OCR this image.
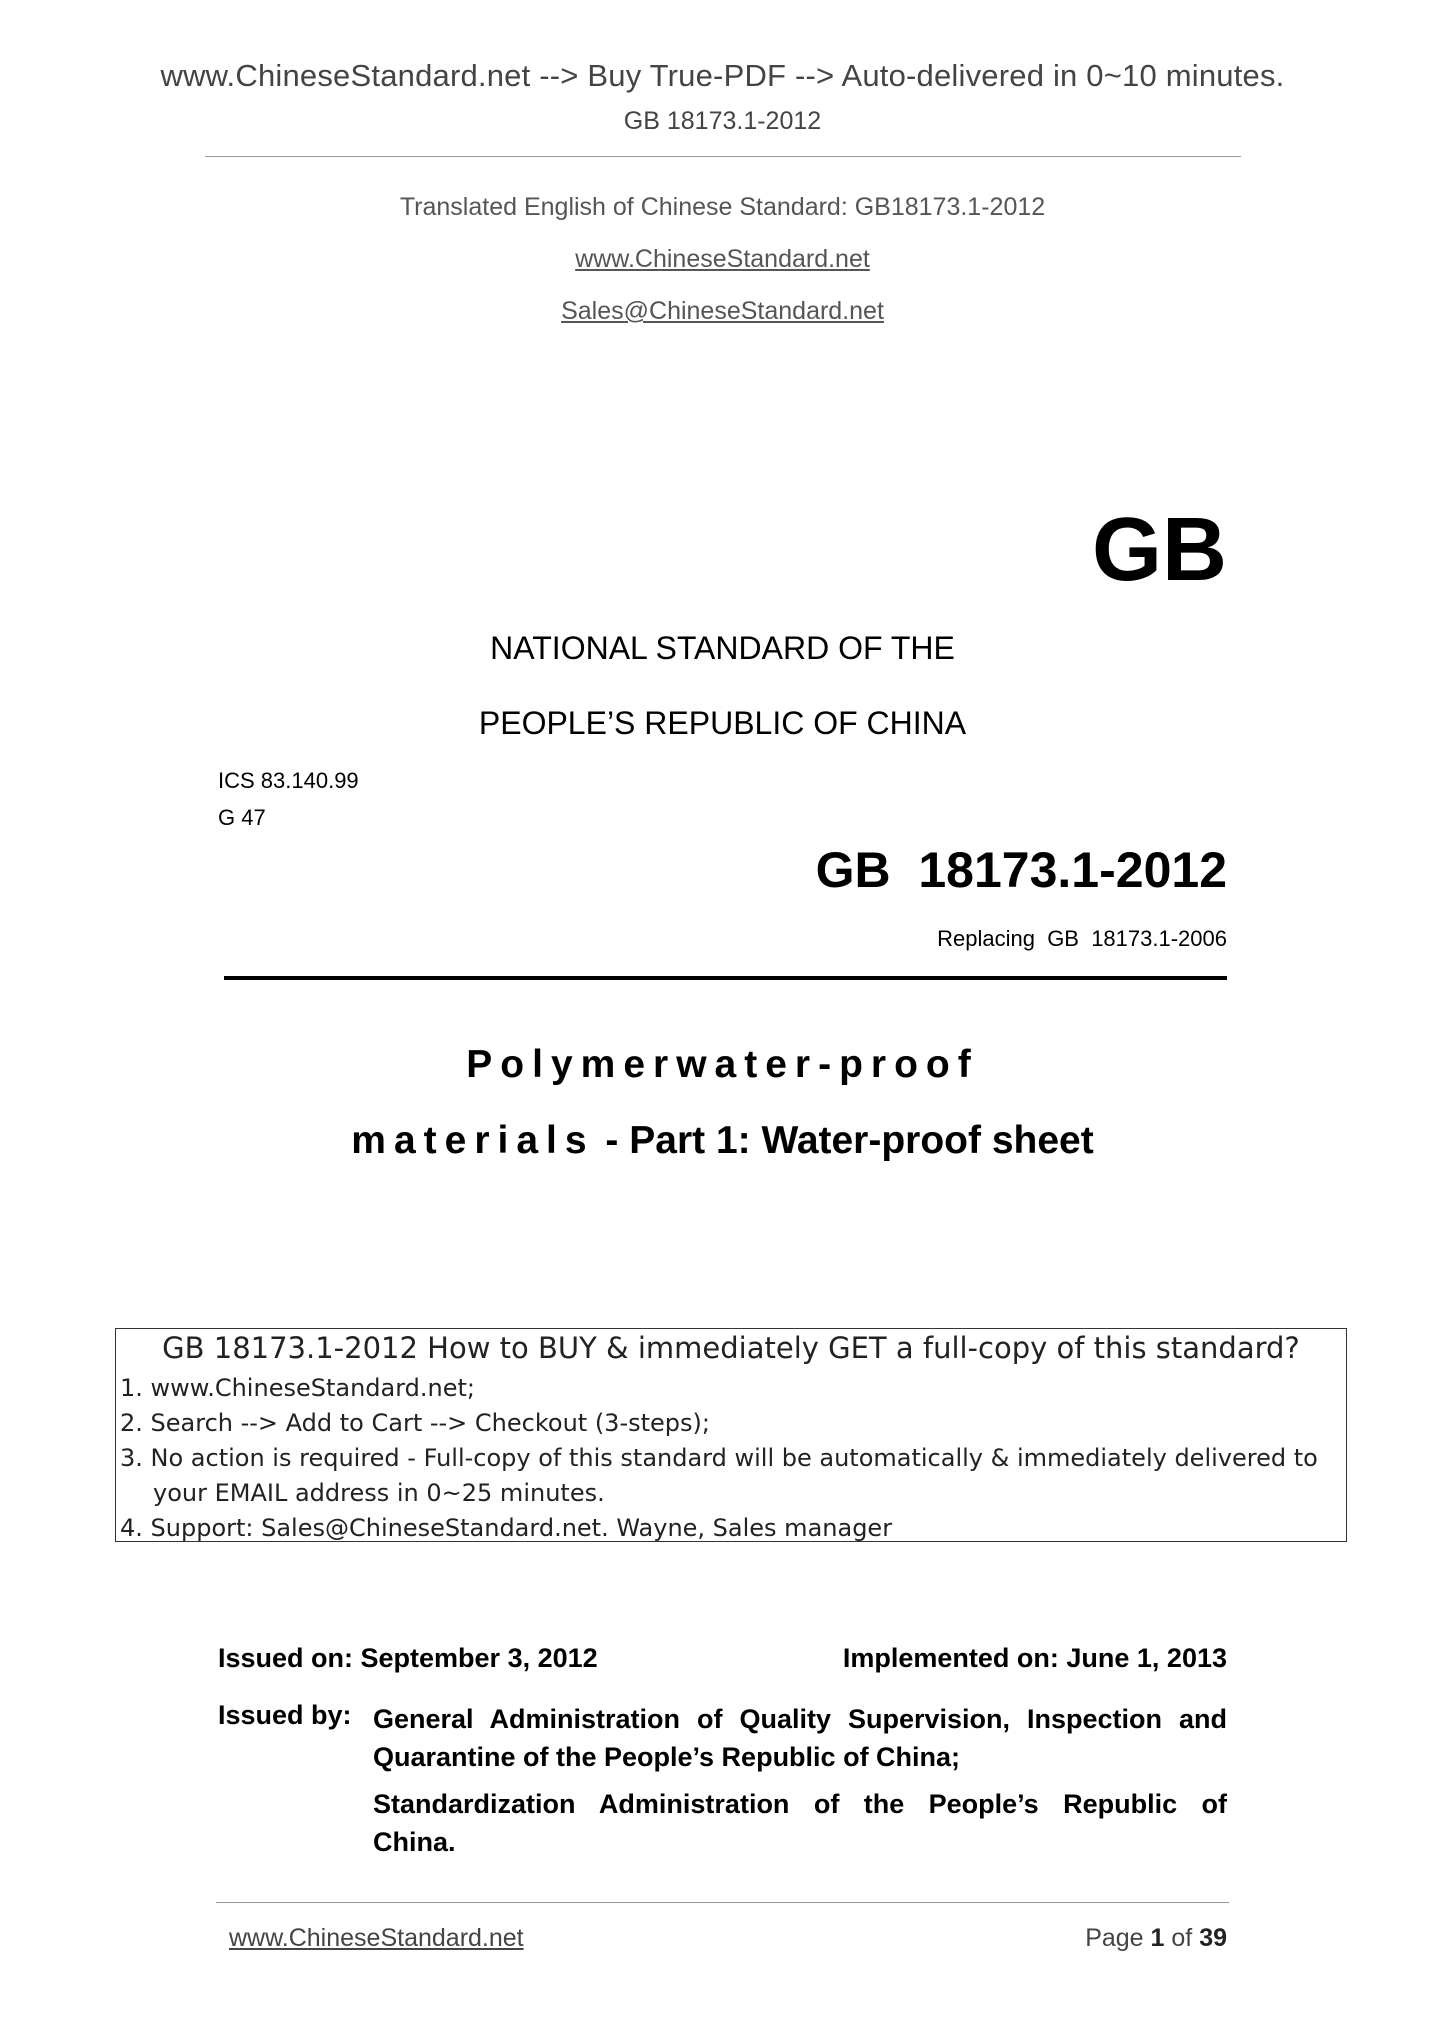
www.ChineseStandard.net --> Buy True-PDF --> Auto-delivered in 0~10 minutes.
GB 18173.1-2012
Translated English of Chinese Standard: GB18173.1-2012
www.ChineseStandard.net
Sales@ChineseStandard.net
GB
NATIONAL STANDARD OF THE
PEOPLE’S REPUBLIC OF CHINA
ICS 83.140.99
G 47
GB  18173.1-2012
Replacing  GB  18173.1-2006
Polymerwater-proof
materials - Part 1: Water-proof sheet
GB 18173.1-2012 How to BUY & immediately GET a full-copy of this standard?
1. www.ChineseStandard.net;
2. Search --> Add to Cart --> Checkout (3-steps);
3. No action is required - Full-copy of this standard will be automatically & immediately delivered to
your EMAIL address in 0~25 minutes.
4. Support: Sales@ChineseStandard.net. Wayne, Sales manager
Issued on: September 3, 2012	Implemented on: June 1, 2013
Issued by: General Administration of Quality Supervision, Inspection and
Quarantine of the People’s Republic of China;
Standardization Administration of the People’s Republic of
China.
www.ChineseStandard.net	Page 1 of 39
